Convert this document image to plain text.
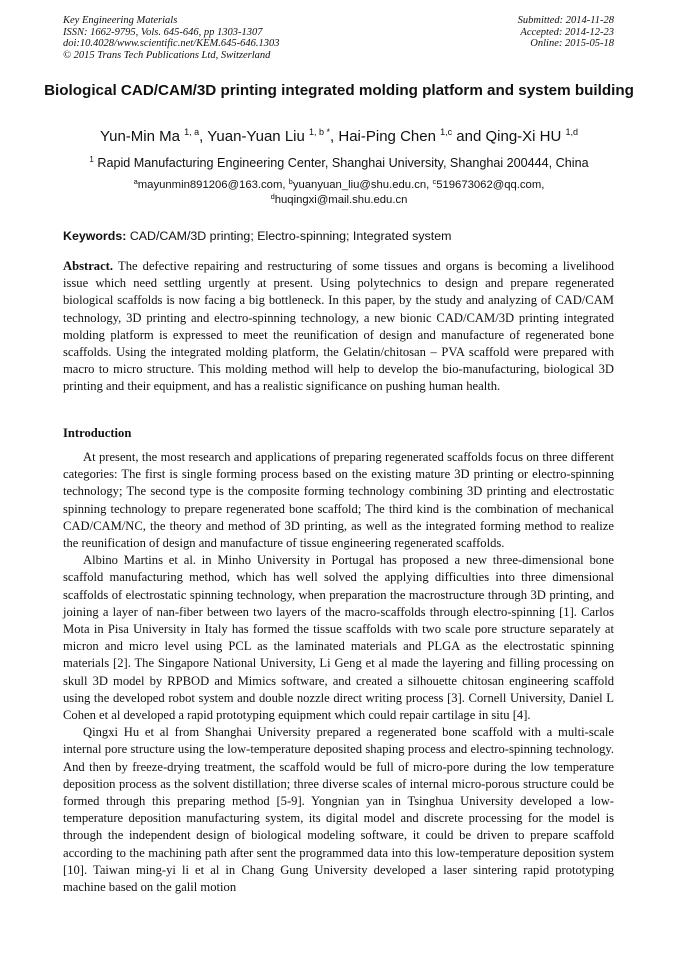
Key Engineering Materials
ISSN: 1662-9795, Vols. 645-646, pp 1303-1307
doi:10.4028/www.scientific.net/KEM.645-646.1303
© 2015 Trans Tech Publications Ltd, Switzerland
Submitted: 2014-11-28
Accepted: 2014-12-23
Online: 2015-05-18
Biological CAD/CAM/3D printing integrated molding platform and system building
Yun-Min Ma $^{1, a}$, Yuan-Yuan Liu $^{1, b *}$, Hai-Ping Chen $^{1,c}$ and Qing-Xi HU $^{1,d}$
$^1$ Rapid Manufacturing Engineering Center, Shanghai University, Shanghai 200444, China
$^a$mayunmin891206@163.com, $^b$yuanyuan_liu@shu.edu.cn, $^c$519673062@qq.com,
$^d$huqingxi@mail.shu.edu.cn
Keywords: CAD/CAM/3D printing; Electro-spinning; Integrated system
Abstract. The defective repairing and restructuring of some tissues and organs is becoming a livelihood issue which need settling urgently at present. Using polytechnics to design and prepare regenerated biological scaffolds is now facing a big bottleneck. In this paper, by the study and analyzing of CAD/CAM technology, 3D printing and electro-spinning technology, a new bionic CAD/CAM/3D printing integrated molding platform is expressed to meet the reunification of design and manufacture of regenerated bone scaffolds. Using the integrated molding platform, the Gelatin/chitosan – PVA scaffold were prepared with macro to micro structure. This molding method will help to develop the bio-manufacturing, biological 3D printing and their equipment, and has a realistic significance on pushing human health.
Introduction

At present, the most research and applications of preparing regenerated scaffolds focus on three different categories: The first is single forming process based on the existing mature 3D printing or electro-spinning technology; The second type is the composite forming technology combining 3D printing and electrostatic spinning technology to prepare regenerated bone scaffold; The third kind is the combination of mechanical CAD/CAM/NC, the theory and method of 3D printing, as well as the integrated forming method to realize the reunification of design and manufacture of tissue engineering regenerated scaffolds.

Albino Martins et al. in Minho University in Portugal has proposed a new three-dimensional bone scaffold manufacturing method, which has well solved the applying difficulties into three dimensional scaffolds of electrostatic spinning technology, when preparation the macrostructure through 3D printing, and joining a layer of nan-fiber between two layers of the macro-scaffolds through electro-spinning [1]. Carlos Mota in Pisa University in Italy has formed the tissue scaffolds with two scale pore structure separately at micron and micro level using PCL as the laminated materials and PLGA as the electrostatic spinning materials [2]. The Singapore National University, Li Geng et al made the layering and filling processing on skull 3D model by RPBOD and Mimics software, and created a silhouette chitosan engineering scaffold using the developed robot system and double nozzle direct writing process [3]. Cornell University, Daniel L Cohen et al developed a rapid prototyping equipment which could repair cartilage in situ [4].

Qingxi Hu et al from Shanghai University prepared a regenerated bone scaffold with a multi-scale internal pore structure using the low-temperature deposited shaping process and electro-spinning technology. And then by freeze-drying treatment, the scaffold would be full of micro-pore during the low temperature deposition process as the solvent distillation; three diverse scales of internal micro-porous structure could be formed through this preparing method [5-9]. Yongnian yan in Tsinghua University developed a low-temperature deposition manufacturing system, its digital model and discrete processing for the model is through the independent design of biological modeling software, it could be driven to prepare scaffold according to the machining path after sent the programmed data into this low-temperature deposition system [10]. Taiwan ming-yi li et al in Chang Gung University developed a laser sintering rapid prototyping machine based on the galil motion
